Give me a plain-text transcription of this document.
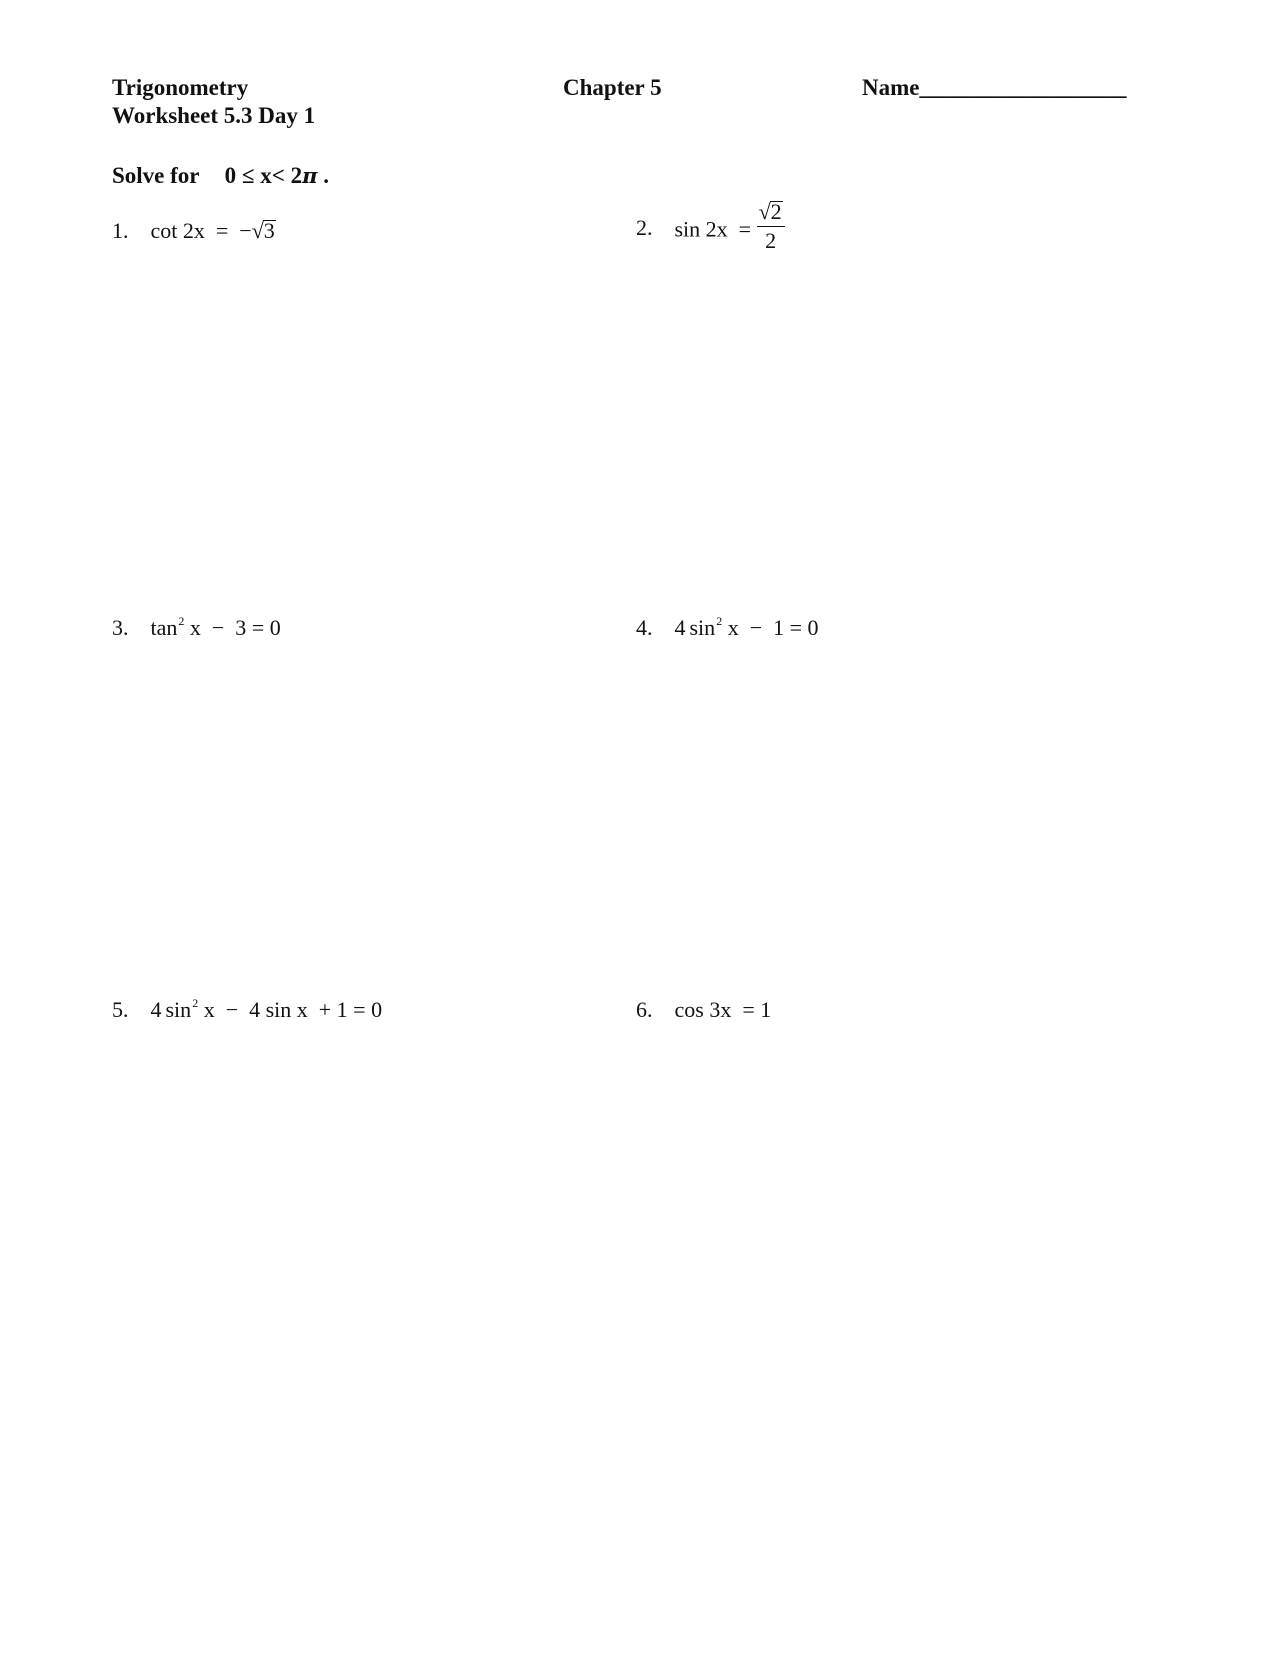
Trigonometry
Worksheet 5.3 Day 1
Chapter 5	Name__________________
Solve for 0 ≤ x< 2π .
1. cot 2x  =  −√3	2. $\sin 2x = \frac{√2}{2}$
3. $\tan^2 x - 3 = 0$	4. 4 $\sin^2 x - 1 = 0$
5. 4 $\sin^2 x - 4$ sin x  + 1 = 0	6. cos 3x  = 1
